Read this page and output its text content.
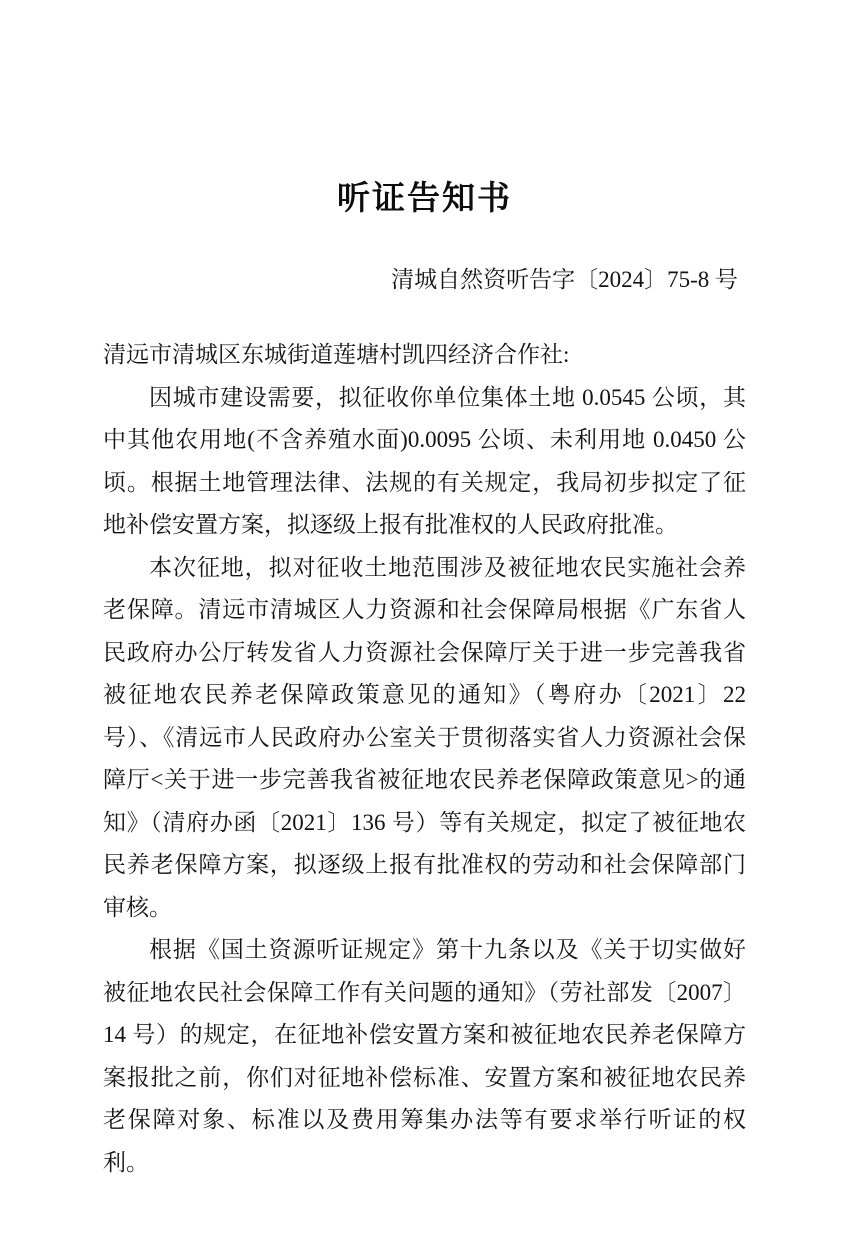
听证告知书
清城自然资听告字〔2024〕75-8 号

清远市清城区东城街道莲塘村凯四经济合作社:

因城市建设需要，拟征收你单位集体土地 0.0545 公顷，其中其他农用地(不含养殖水面)0.0095 公顷、未利用地 0.0450 公顷。根据土地管理法律、法规的有关规定，我局初步拟定了征地补偿安置方案，拟逐级上报有批准权的人民政府批准。

本次征地，拟对征收土地范围涉及被征地农民实施社会养老保障。清远市清城区人力资源和社会保障局根据《广东省人民政府办公厅转发省人力资源社会保障厅关于进一步完善我省被征地农民养老保障政策意见的通知》（粤府办〔2021〕22 号）、《清远市人民政府办公室关于贯彻落实省人力资源社会保障厅<关于进一步完善我省被征地农民养老保障政策意见>的通知》（清府办函〔2021〕136 号）等有关规定，拟定了被征地农民养老保障方案，拟逐级上报有批准权的劳动和社会保障部门审核。

根据《国土资源听证规定》第十九条以及《关于切实做好被征地农民社会保障工作有关问题的通知》（劳社部发〔2007〕14 号）的规定，在征地补偿安置方案和被征地农民养老保障方案报批之前，你们对征地补偿标准、安置方案和被征地农民养老保障对象、标准以及费用筹集办法等有要求举行听证的权利。
